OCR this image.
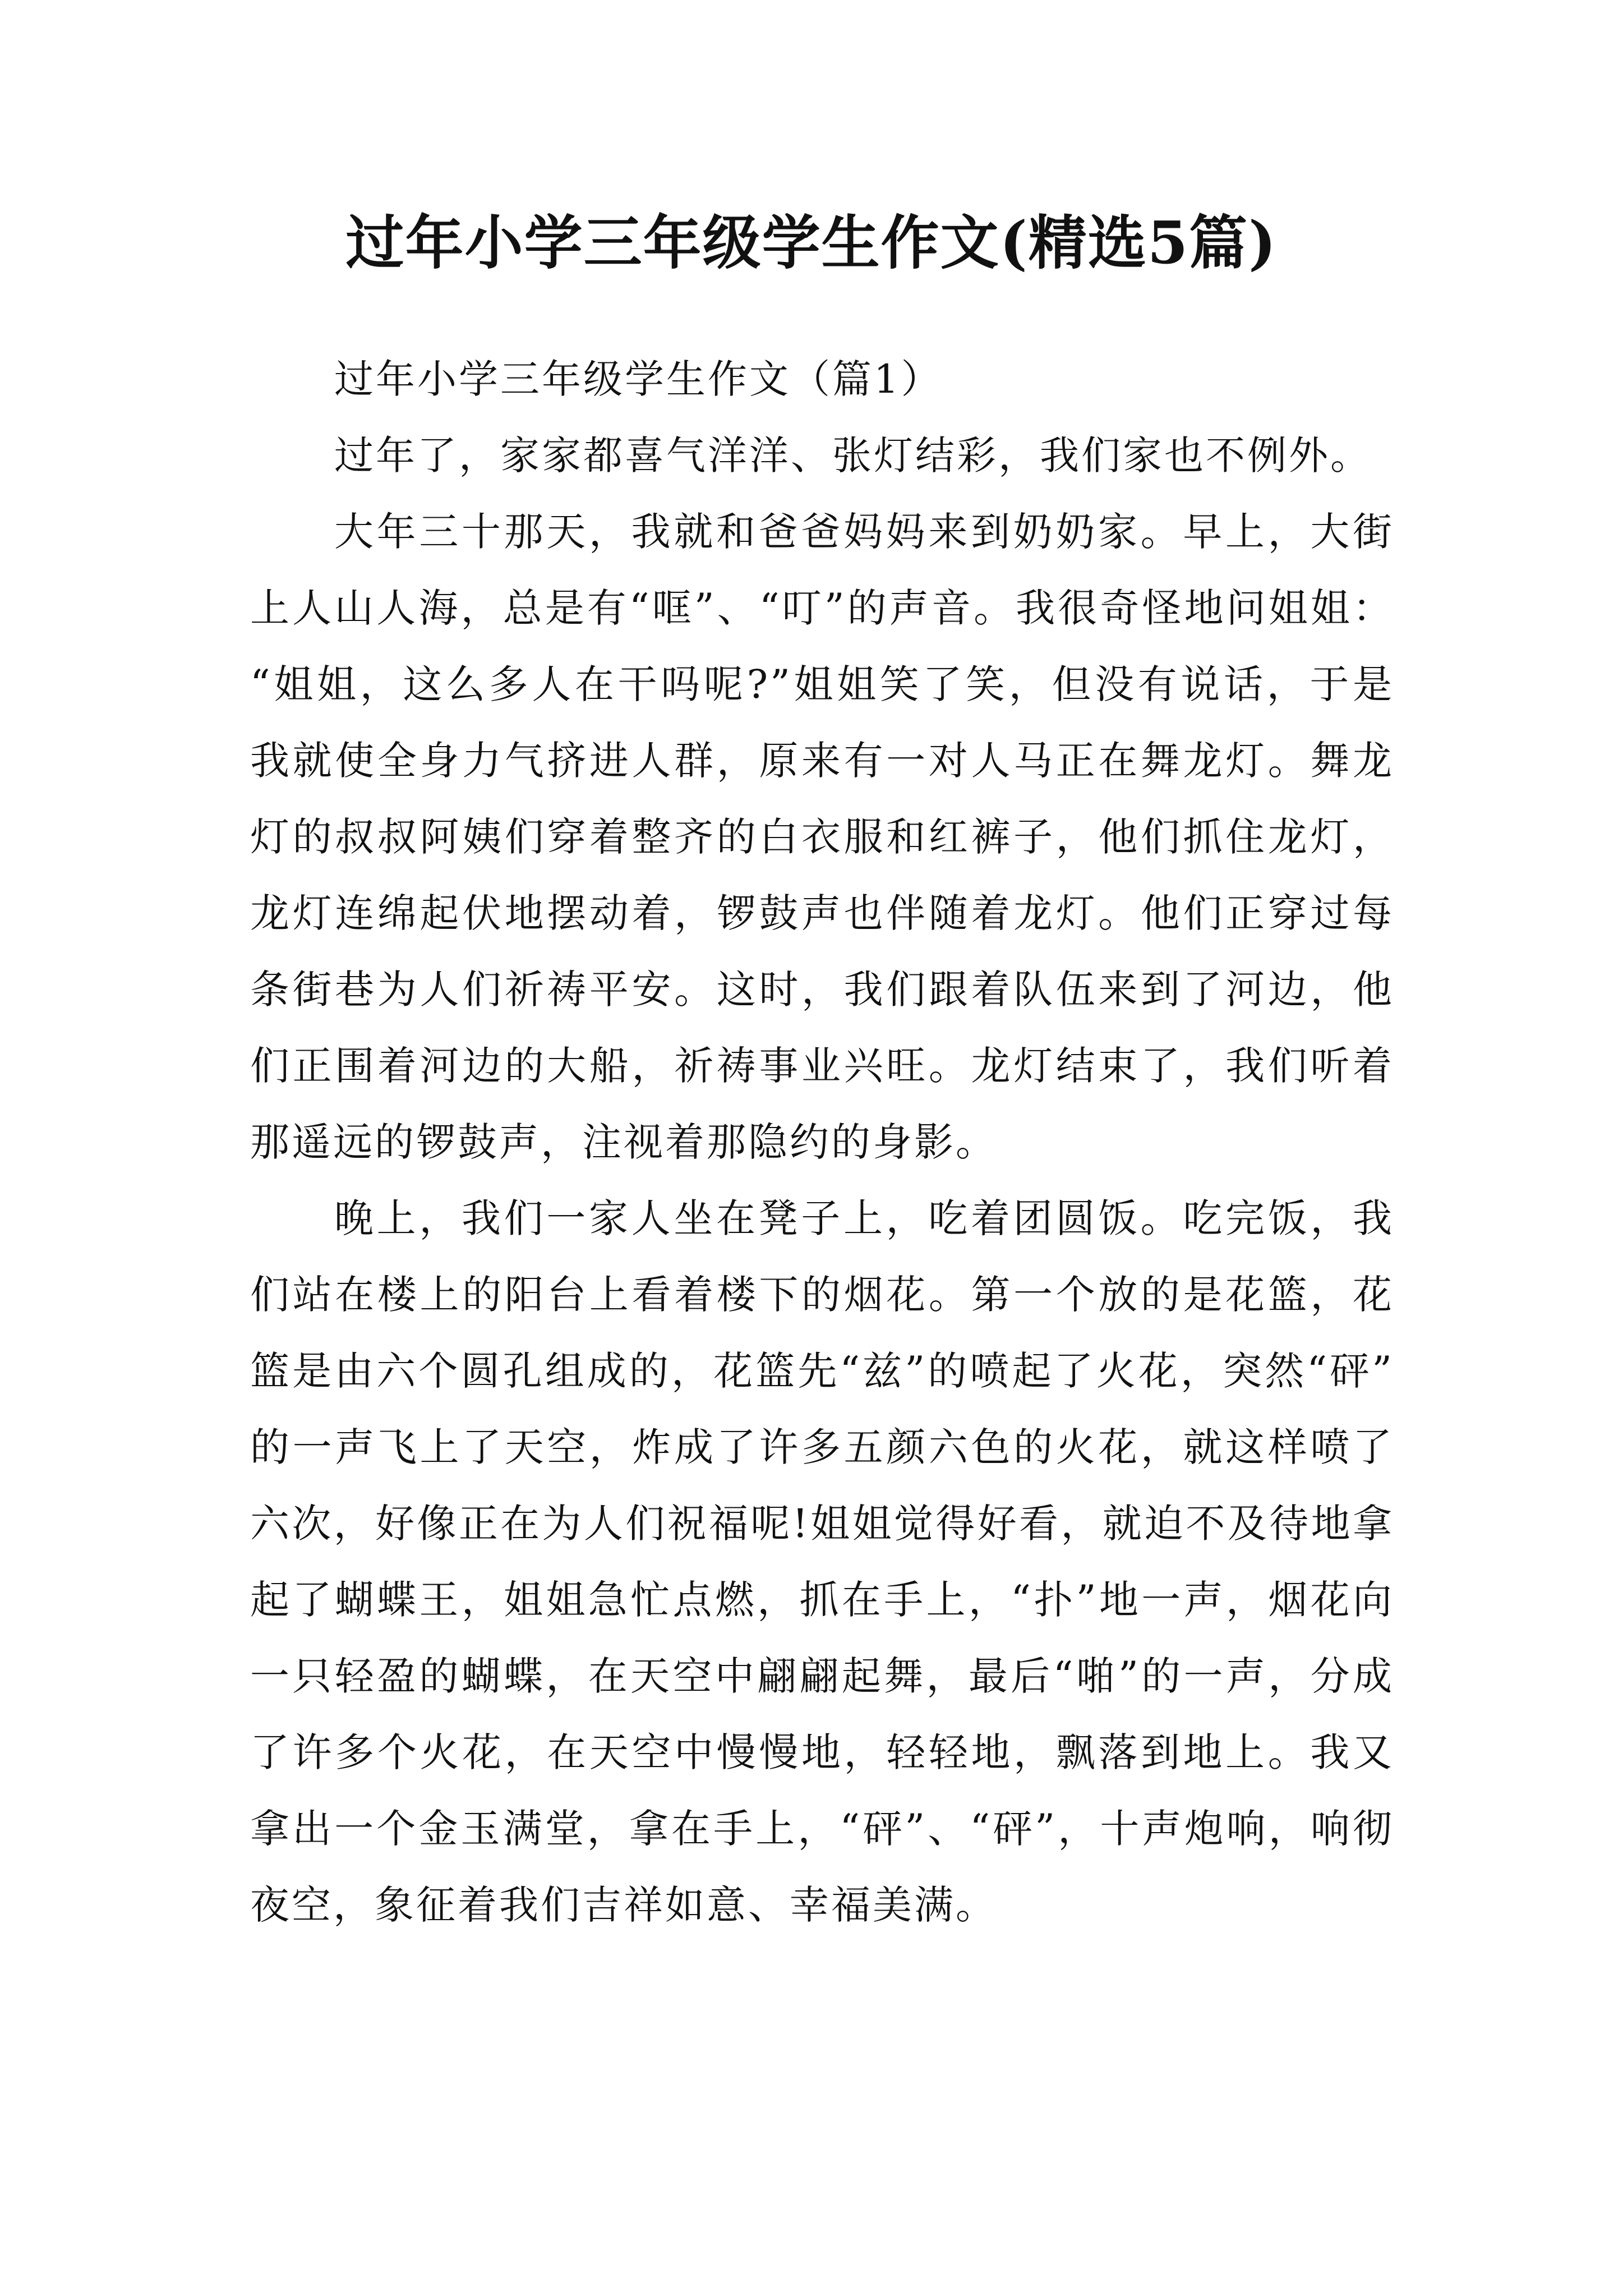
过年小学三年级学生作文(精选5篇)

过年小学三年级学生作文（篇1）

过年了，家家都喜气洋洋、张灯结彩，我们家也不例外。

大年三十那天，我就和爸爸妈妈来到奶奶家。早上，大街上人山人海，总是有“哐”、“叮”的声音。我很奇怪地问姐姐：“姐姐，这么多人在干吗呢?”姐姐笑了笑，但没有说话，于是我就使全身力气挤进人群，原来有一对人马正在舞龙灯。舞龙灯的叔叔阿姨们穿着整齐的白衣服和红裤子，他们抓住龙灯，龙灯连绵起伏地摆动着，锣鼓声也伴随着龙灯。他们正穿过每条街巷为人们祈祷平安。这时，我们跟着队伍来到了河边，他们正围着河边的大船，祈祷事业兴旺。龙灯结束了，我们听着那遥远的锣鼓声，注视着那隐约的身影。

晚上，我们一家人坐在凳子上，吃着团圆饭。吃完饭，我们站在楼上的阳台上看着楼下的烟花。第一个放的是花篮，花篮是由六个圆孔组成的，花篮先“兹”的喷起了火花，突然“砰”的一声飞上了天空，炸成了许多五颜六色的火花，就这样喷了六次，好像正在为人们祝福呢!姐姐觉得好看，就迫不及待地拿起了蝴蝶王，姐姐急忙点燃，抓在手上，“扑”地一声，烟花向一只轻盈的蝴蝶，在天空中翩翩起舞，最后“啪”的一声，分成了许多个火花，在天空中慢慢地，轻轻地，飘落到地上。我又拿出一个金玉满堂，拿在手上，“砰”、“砰”，十声炮响，响彻夜空，象征着我们吉祥如意、幸福美满。
